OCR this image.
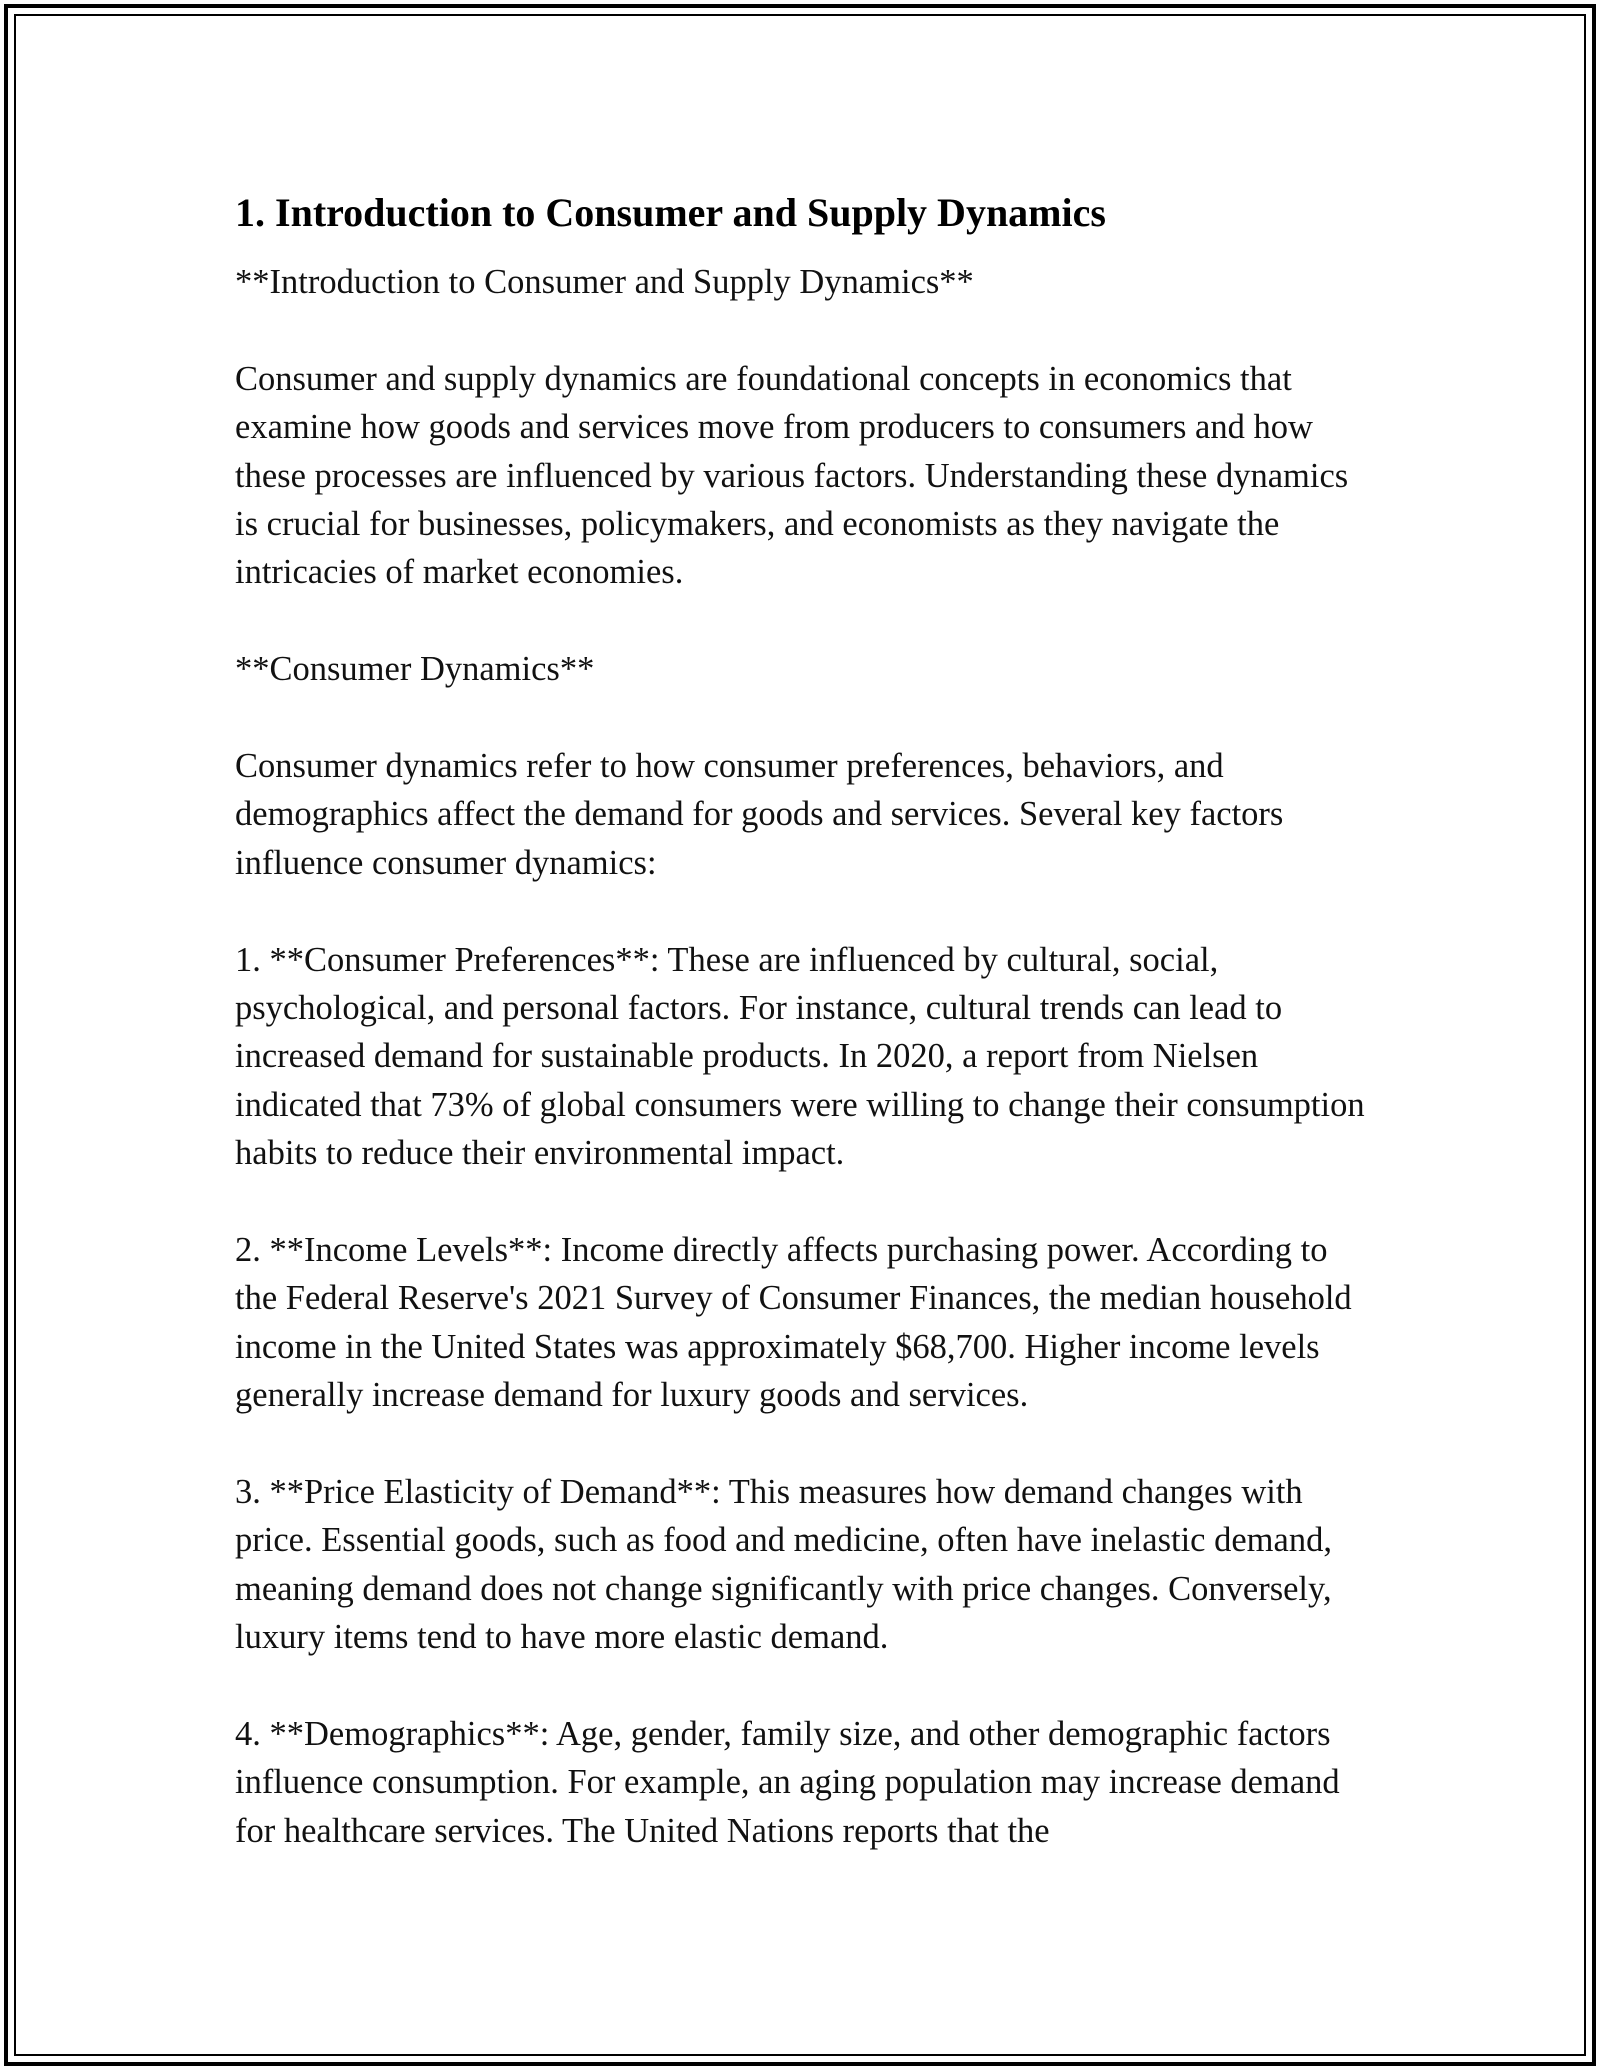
1. Introduction to Consumer and Supply Dynamics

**Introduction to Consumer and Supply Dynamics**

Consumer and supply dynamics are foundational concepts in economics that examine how goods and services move from producers to consumers and how these processes are influenced by various factors. Understanding these dynamics is crucial for businesses, policymakers, and economists as they navigate the intricacies of market economies.

**Consumer Dynamics**

Consumer dynamics refer to how consumer preferences, behaviors, and demographics affect the demand for goods and services. Several key factors influence consumer dynamics:

1. **Consumer Preferences**: These are influenced by cultural, social, psychological, and personal factors. For instance, cultural trends can lead to increased demand for sustainable products. In 2020, a report from Nielsen indicated that 73% of global consumers were willing to change their consumption habits to reduce their environmental impact.

2. **Income Levels**: Income directly affects purchasing power. According to the Federal Reserve's 2021 Survey of Consumer Finances, the median household income in the United States was approximately $68,700. Higher income levels generally increase demand for luxury goods and services.

3. **Price Elasticity of Demand**: This measures how demand changes with price. Essential goods, such as food and medicine, often have inelastic demand, meaning demand does not change significantly with price changes. Conversely, luxury items tend to have more elastic demand.

4. **Demographics**: Age, gender, family size, and other demographic factors influence consumption. For example, an aging population may increase demand for healthcare services. The United Nations reports that the
